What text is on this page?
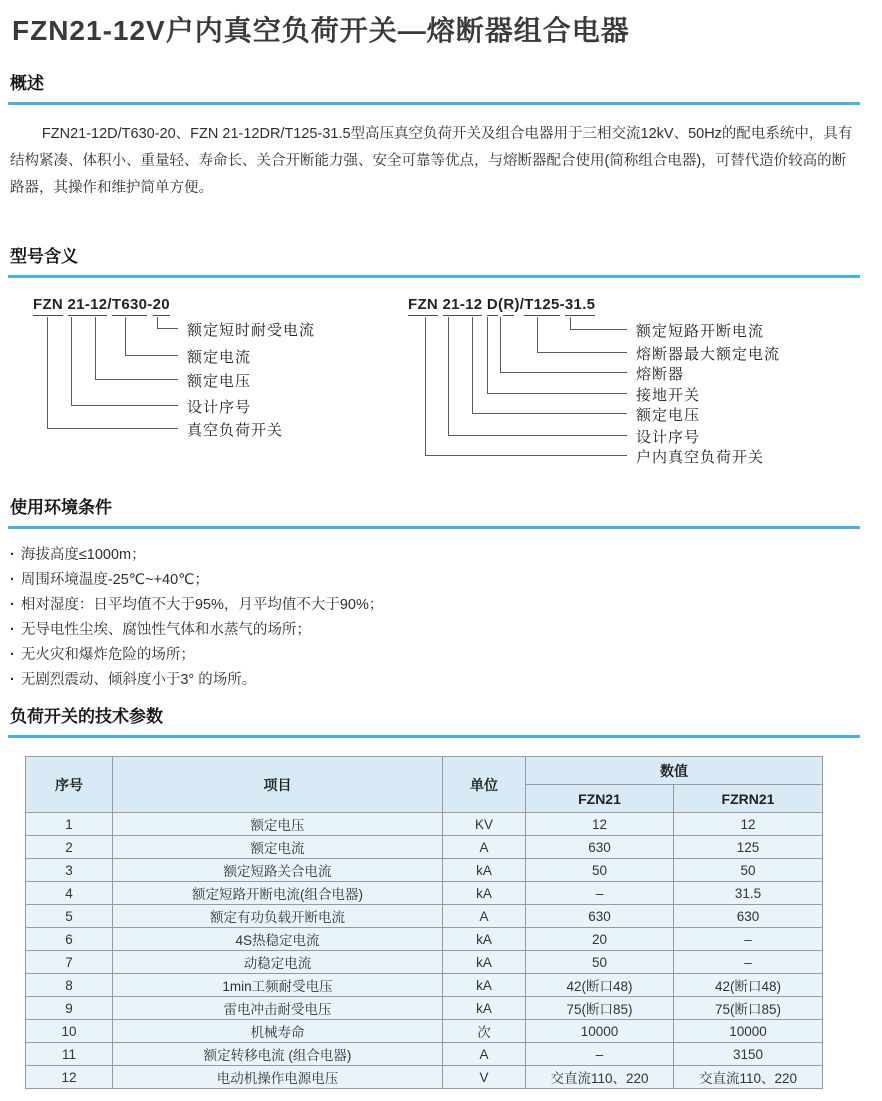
FZN21-12V户内真空负荷开关—熔断器组合电器
概述

FZN21-12D/T630-20、FZN 21-12DR/T125-31.5型高压真空负荷开关及组合电器用于三相交流12kV、50Hz的配电系统中，具有结构紧凑、体积小、重量轻、寿命长、关合开断能力强、安全可靠等优点，与熔断器配合使用(简称组合电器)，可替代造价较高的断路器，其操作和维护简单方便。

型号含义
FZN 21-12/T630-20
额定短时耐受电流
额定电流
额定电压
设计序号
真空负荷开关
FZN 21-12 D(R)/T125-31.5
额定短路开断电流
熔断器最大额定电流
熔断器
接地开关
额定电压
设计序号
户内真空负荷开关
使用环境条件
· 海拔高度≤1000m；
· 周围环境温度-25℃~+40℃；
· 相对湿度：日平均值不大于95%，月平均值不大于90%；
· 无导电性尘埃、腐蚀性气体和水蒸气的场所；
· 无火灾和爆炸危险的场所；
· 无剧烈震动、倾斜度小于3° 的场所。
负荷开关的技术参数
序号	项目	单位	数值	
			FZN21	FZRN21
1	额定电压	KV	12	12
2	额定电流	A	630	125
3	额定短路关合电流	kA	50	50
4	额定短路开断电流(组合电器)	kA	–	31.5
5	额定有功负载开断电流	A	630	630
6	4S热稳定电流	kA	20	–
7	动稳定电流	kA	50	–
8	1min工频耐受电压	kA	42(断口48)	42(断口48)
9	雷电冲击耐受电压	kA	75(断口85)	75(断口85)
10	机械寿命	次	10000	10000
11	额定转移电流 (组合电器)	A	–	3150
12	电动机操作电源电压	V	交直流110、220	交直流110、220
